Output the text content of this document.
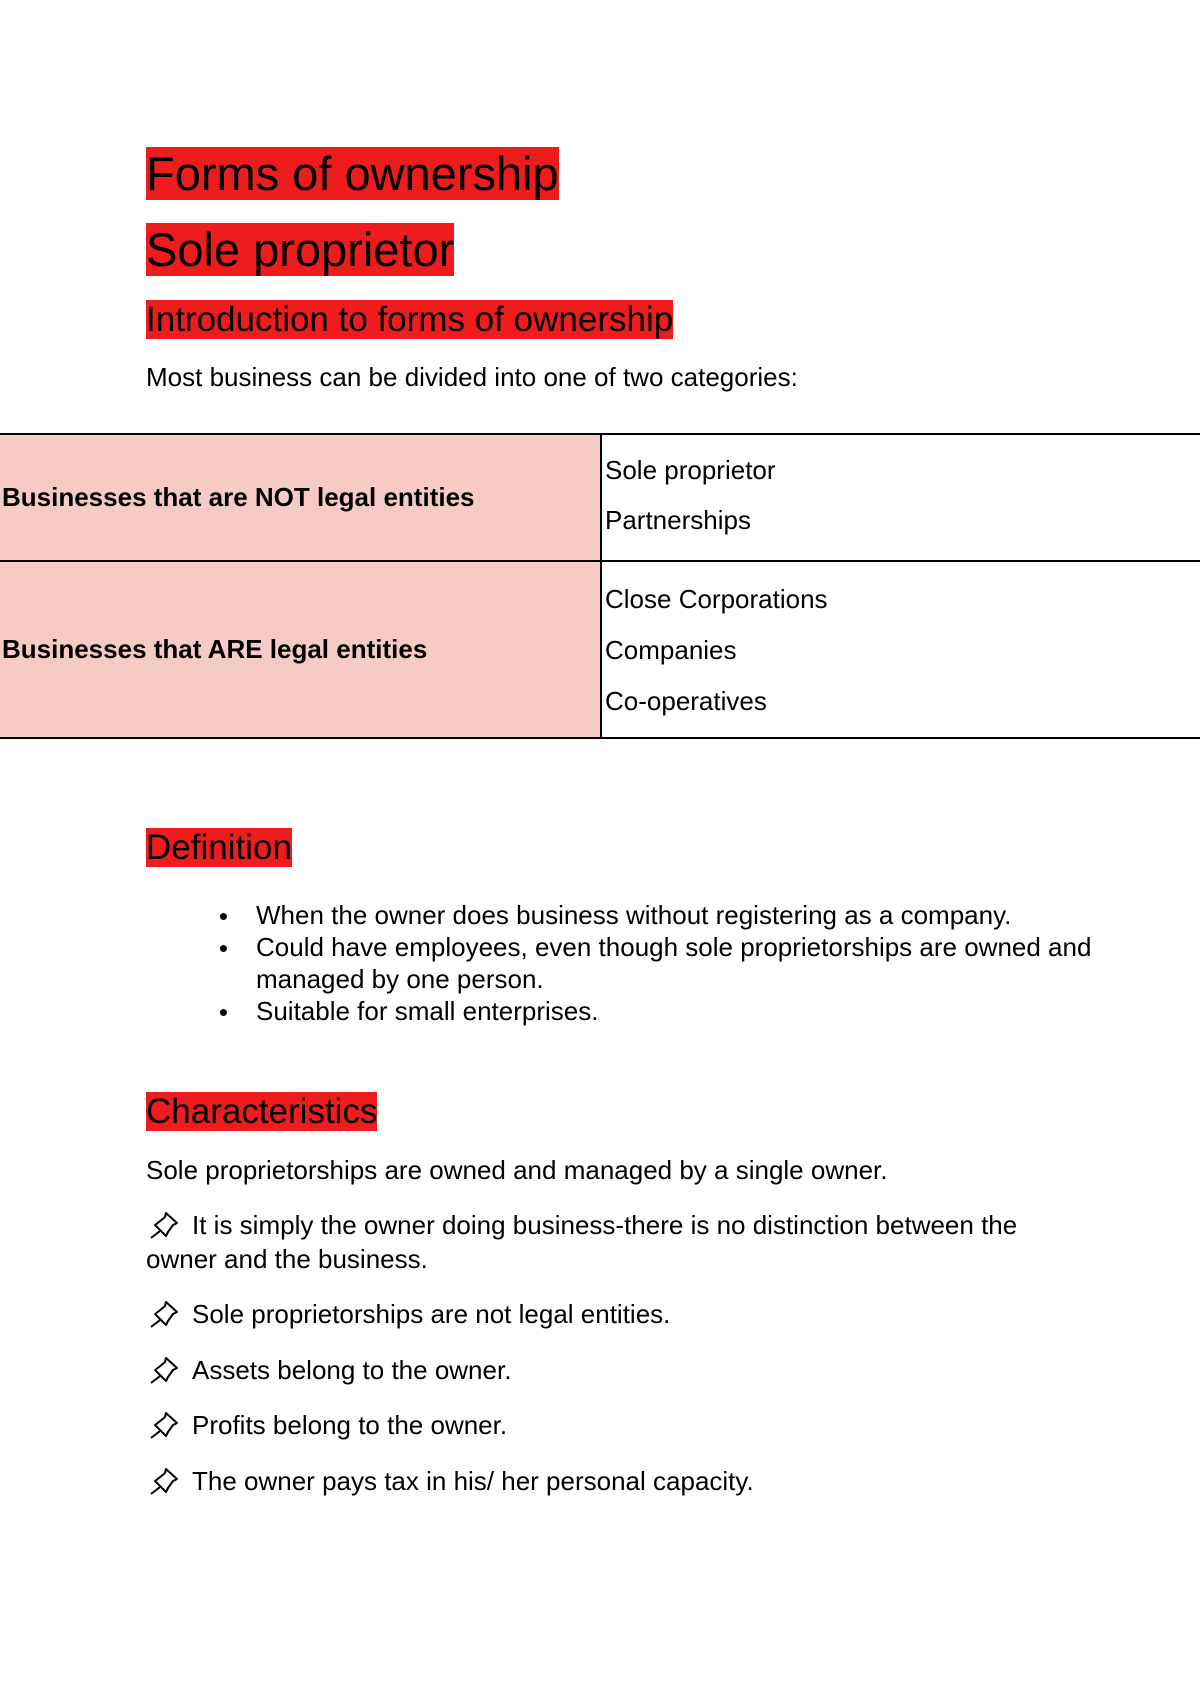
Forms of ownership
Sole proprietor
Introduction to forms of ownership

Most business can be divided into one of two categories:

Businesses that are NOT legal entities	Sole proprietor
Partnerships

Businesses that ARE legal entities	Close Corporations
Companies
Co-operatives
Definition
When the owner does business without registering as a company.
Could have employees, even though sole proprietorships are owned and managed by one person.
Suitable for small enterprises.
Characteristics

Sole proprietorships are owned and managed by a single owner.

It is simply the owner doing business-there is no distinction between the owner and the business.
Sole proprietorships are not legal entities.
Assets belong to the owner.
Profits belong to the owner.
The owner pays tax in his/ her personal capacity.
